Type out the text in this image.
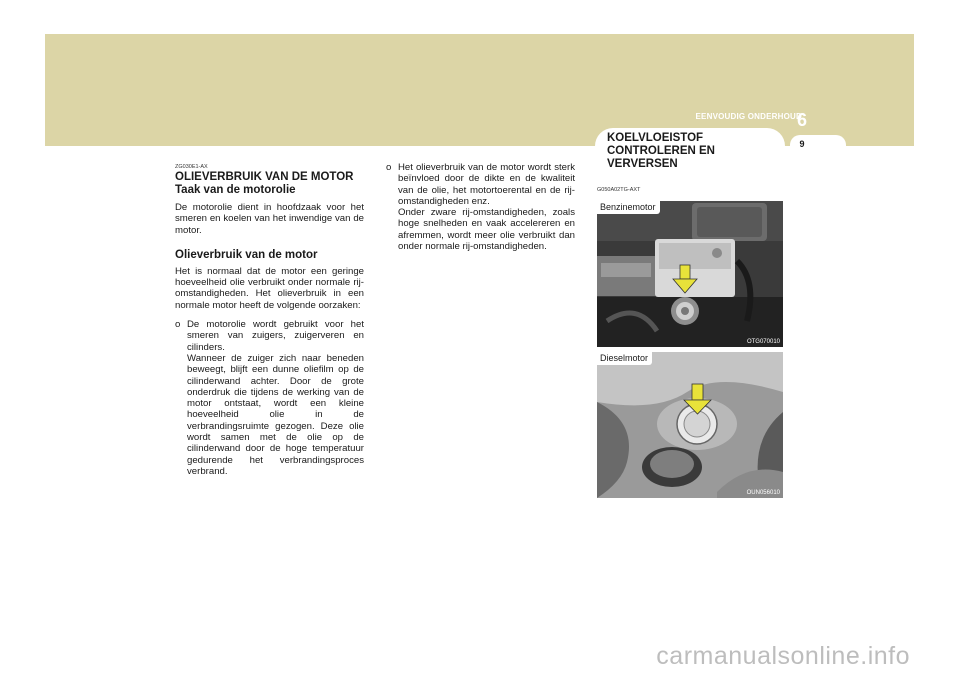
EENVOUDIG ONDERHOUD
6
9
KOELVLOEISTOF CONTROLEREN EN VERVERSEN
ZG030E1-AX
OLIEVERBRUIK VAN DE MOTOR
Taak van de motorolie

De motorolie dient in hoofdzaak voor het smeren en koelen van het inwendige van de motor.

Olieverbruik van de motor

Het is normaal dat de motor een geringe hoeveelheid olie verbruikt onder normale rij-omstandigheden. Het olieverbruik in een normale motor heeft de volgende oorzaken:

o De motorolie wordt gebruikt voor het smeren van zuigers, zuigerveren en cilinders.

Wanneer de zuiger zich naar beneden beweegt, blijft een dunne oliefilm op de cilinderwand achter. Door de grote onderdruk die tijdens de werking van de motor ontstaat, wordt een kleine hoeveelheid olie in de verbrandingsruimte gezogen. Deze olie wordt samen met de olie op de cilinderwand door de hoge temperatuur gedurende het verbrandingsproces verbrand.

o Het olieverbruik van de motor wordt sterk beïnvloed door de dikte en de kwaliteit van de olie, het motortoerental en de rij-omstandigheden enz.

Onder zware rij-omstandigheden, zoals hoge snelheden en vaak accelereren en afremmen, wordt meer olie verbruikt dan onder normale rij-omstandigheden.

G050A02TG-AXT
Benzinemotor
OTG070010
Dieselmotor
OUN056010
carmanualsonline.info
